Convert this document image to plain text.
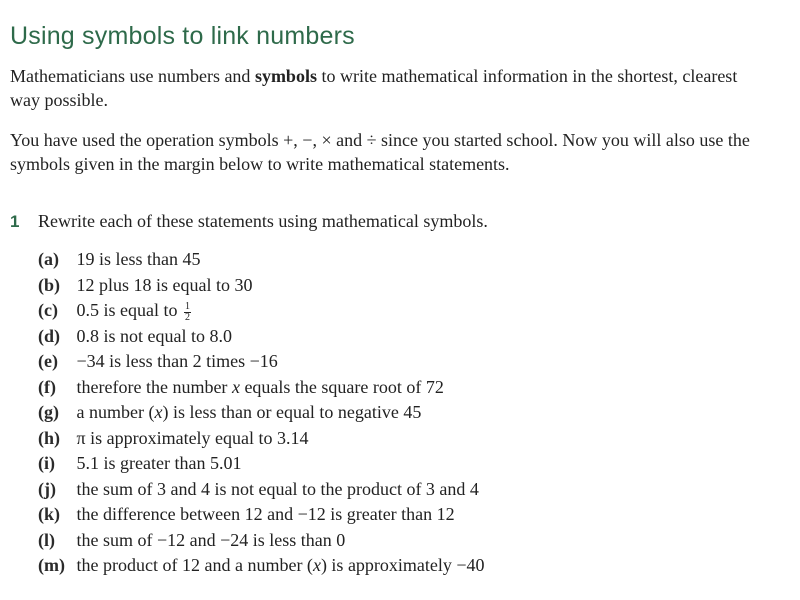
Using symbols to link numbers

Mathematicians use numbers and symbols to write mathematical information in the shortest, clearest way possible.

You have used the operation symbols +, −, × and ÷ since you started school. Now you will also use the symbols given in the margin below to write mathematical statements.

1 Rewrite each of these statements using mathematical symbols.
(a) 19 is less than 45
(b) 12 plus 18 is equal to 30
(c) 0.5 is equal to $\frac{1}{2}$
(d) 0.8 is not equal to 8.0
(e) −34 is less than 2 times −16
(f) therefore the number x equals the square root of 72
(g) a number (x) is less than or equal to negative 45
(h) π is approximately equal to 3.14
(i) 5.1 is greater than 5.01
(j) the sum of 3 and 4 is not equal to the product of 3 and 4
(k) the difference between 12 and −12 is greater than 12
(l) the sum of −12 and −24 is less than 0
(m) the product of 12 and a number (x) is approximately −40
